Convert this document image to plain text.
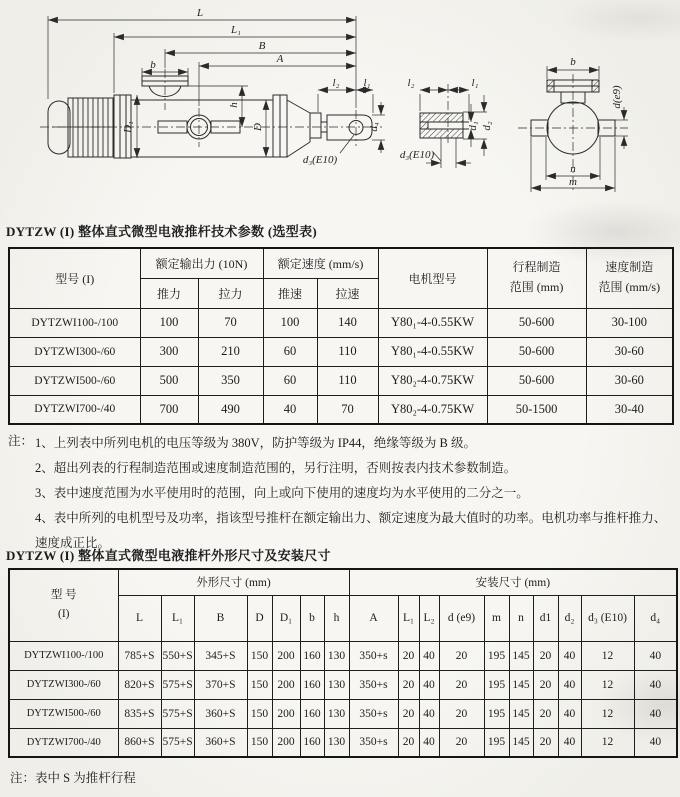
L
L₁
B
A
b
h
D₁	D
l₂ l₁
d₄
d₃(E10)
l₂	l₁
d₁ d₂
d₃(E10)
b
d(e9)
n
m
DYTZW (I) 整体直式微型电液推杆技术参数 (选型表)
型号 (I)	额定输出力 (10N)	额定速度 (mm/s)	电机型号	
行程制造
范围 (mm)

速度制造
范围 (mm/s)

	推力	拉力	推速	拉速			
DYTZWI100-/100	100	70	100	140	Y80₁-4-0.55KW	50-600	30-100
DYTZWI300-/60	300	210	60	110	Y80₁-4-0.55KW	50-600	30-60
DYTZWI500-/60	500	350	60	110	Y80₂-4-0.75KW	50-600	30-60
DYTZWI700-/40	700	490	40	70	Y80₂-4-0.75KW	50-1500	30-40
注： 1、上列表中所列电机的电压等级为 380V，防护等级为 IP44，绝缘等级为 B 级。
2、超出列表的行程制造范围或速度制造范围的，另行注明，否则按表内技术参数制造。
3、表中速度范围为水平使用时的范围，向上或向下使用的速度均为水平使用的二分之一。
4、表中所列的电机型号及功率，指该型号推杆在额定输出力、额定速度为最大值时的功率。电机功率与推杆推力、速度成正比。
DYTZW (I) 整体直式微型电液推杆外形尺寸及安装尺寸
型 号
(I)	外形尺寸 (mm)							安装尺寸 (mm)									
	L	L₁	B	D	D₁	b	h	A	L₁	L₂	d (e9)	m	n	d1	d₂	d₃ (E10)	d₄
DYTZWI100-/100	785+S	550+S	345+S	150	200	160	130	350+s	20	40	20	195	145	20	40	12	40
DYTZWI300-/60	820+S	575+S	370+S	150	200	160	130	350+s	20	40	20	195	145	20	40	12	40
DYTZWI500-/60	835+S	575+S	360+S	150	200	160	130	350+s	20	40	20	195	145	20	40	12	40
DYTZWI700-/40	860+S	575+S	360+S	150	200	160	130	350+s	20	40	20	195	145	20	40	12	40
注：表中 S 为推杆行程
